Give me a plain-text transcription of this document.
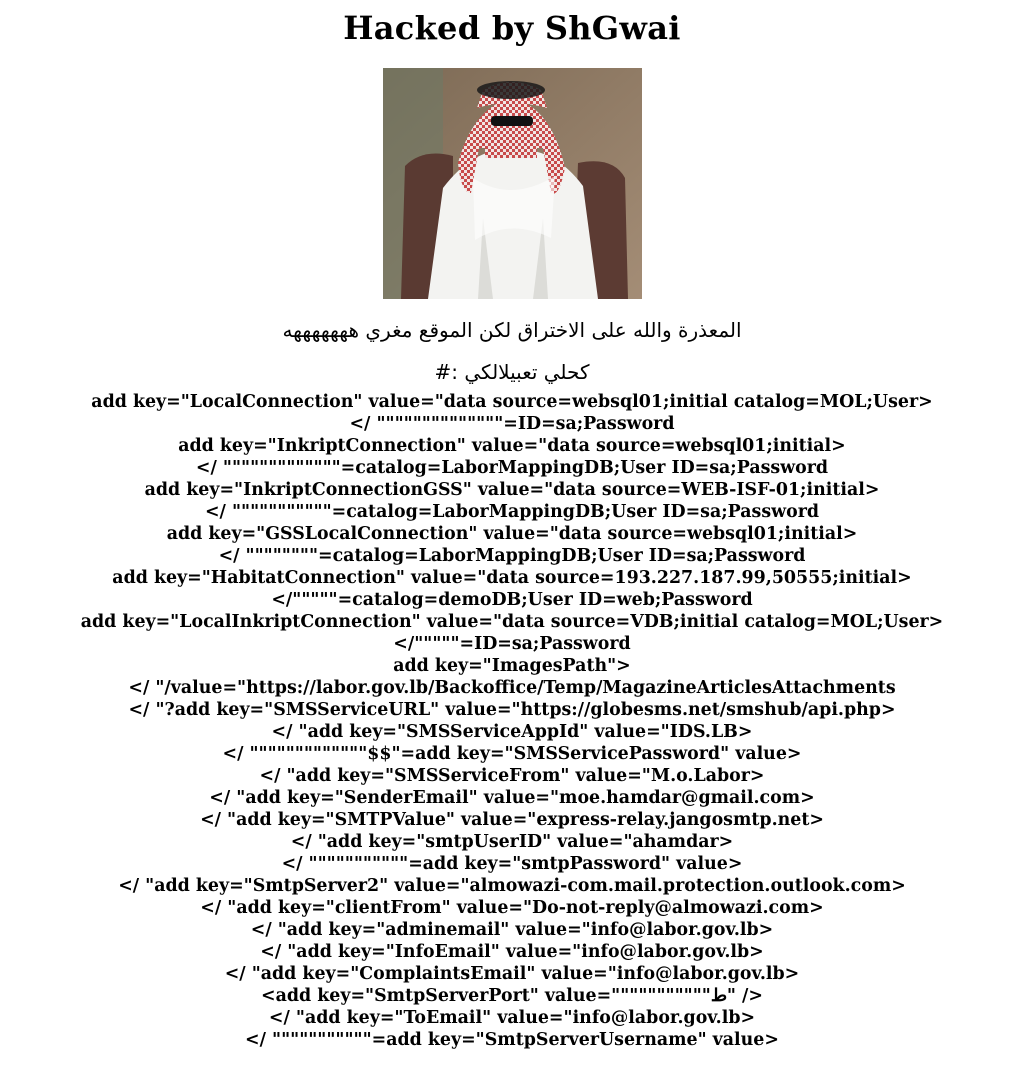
Hacked by ShGwai
المعذرة والله على الاختراق لكن الموقع مغري هههههههه
#: كحلي تعبيلالكي
add key="LocalConnection" value="data source=websql01;initial catalog=MOL;User>
</ """"""""""""""=ID=sa;Password
add key="InkriptConnection" value="data source=websql01;initial>
</ """""""""""""=catalog=LaborMappingDB;User ID=sa;Password
add key="InkriptConnectionGSS" value="data source=WEB-ISF-01;initial>
</ """""""""""=catalog=LaborMappingDB;User ID=sa;Password
add key="GSSLocalConnection" value="data source=websql01;initial>
</ """"""""=catalog=LaborMappingDB;User ID=sa;Password
add key="HabitatConnection" value="data source=193.227.187.99,50555;initial>
</"""""=catalog=demoDB;User ID=web;Password
add key="LocalInkriptConnection" value="data source=VDB;initial catalog=MOL;User>
</"""""=ID=sa;Password
add key="ImagesPath">
</ "/value="https://labor.gov.lb/Backoffice/Temp/MagazineArticlesAttachments
</ "?add key="SMSServiceURL" value="https://globesms.net/smshub/api.php>
</ "add key="SMSServiceAppId" value="IDS.LB>
</ """""""""""""$$"=add key="SMSServicePassword" value>
</ "add key="SMSServiceFrom" value="M.o.Labor>
</ "add key="SenderEmail" value="moe.hamdar@gmail.com>
</ "add key="SMTPValue" value="express-relay.jangosmtp.net>
</ "add key="smtpUserID" value="ahamdar>
</ """""""""""=add key="smtpPassword" value>
</ "add key="SmtpServer2" value="almowazi-com.mail.protection.outlook.com>
</ "add key="clientFrom" value="Do-not-reply@almowazi.com>
</ "add key="adminemail" value="info@labor.gov.lb>
</ "add key="InfoEmail" value="info@labor.gov.lb>
</ "add key="ComplaintsEmail" value="info@labor.gov.lb>
</ "ط"""""""""""=add key="SmtpServerPort" value>
</ "add key="ToEmail" value="info@labor.gov.lb>
</ """""""""""=add key="SmtpServerUsername" value>
